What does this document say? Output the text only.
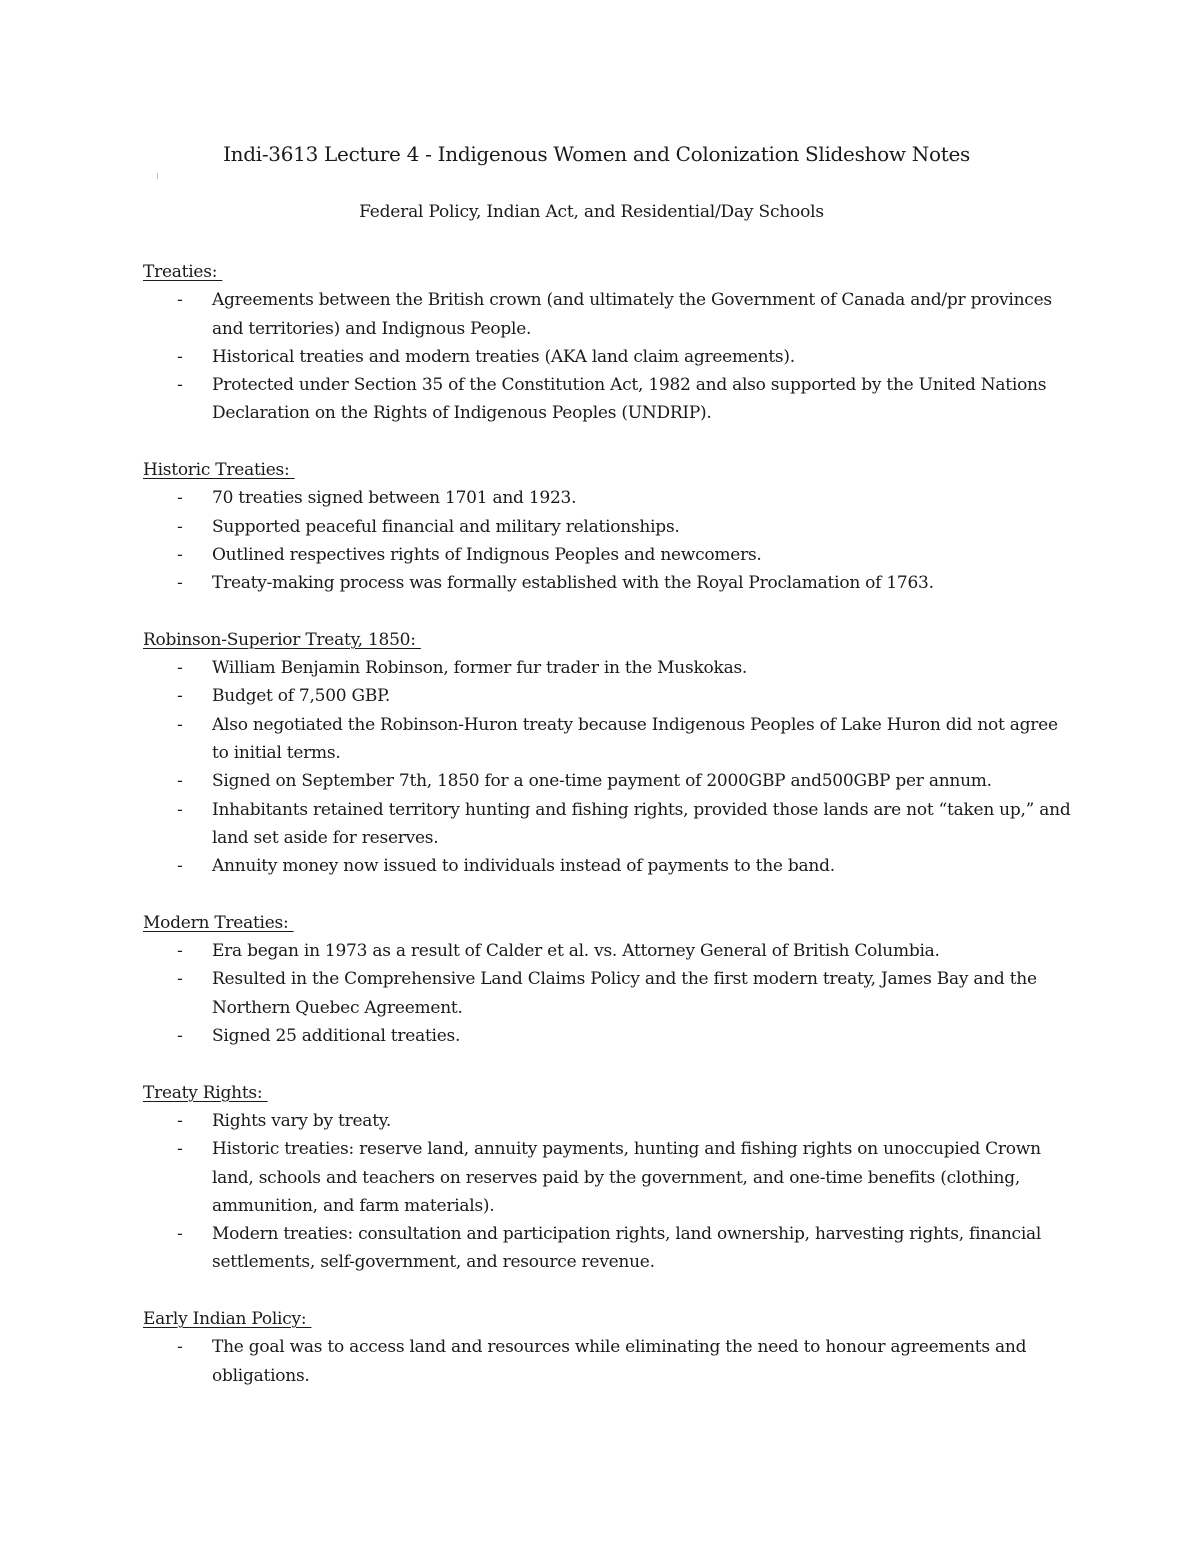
Indi-3613 Lecture 4 - Indigenous Women and Colonization Slideshow Notes

Federal Policy, Indian Act, and Residential/Day Schools

Treaties:

- Agreements between the British crown (and ultimately the Government of Canada and/pr provinces and territories) and Indignous People.
- Historical treaties and modern treaties (AKA land claim agreements).
- Protected under Section 35 of the Constitution Act, 1982 and also supported by the United Nations Declaration on the Rights of Indigenous Peoples (UNDRIP).

Historic Treaties:

- 70 treaties signed between 1701 and 1923.
- Supported peaceful financial and military relationships.
- Outlined respectives rights of Indignous Peoples and newcomers.
- Treaty-making process was formally established with the Royal Proclamation of 1763.

Robinson-Superior Treaty, 1850:

- William Benjamin Robinson, former fur trader in the Muskokas.
- Budget of 7,500 GBP.
- Also negotiated the Robinson-Huron treaty because Indigenous Peoples of Lake Huron did not agree to initial terms.
- Signed on September 7th, 1850 for a one-time payment of 2000GBP and500GBP per annum.
- Inhabitants retained territory hunting and fishing rights, provided those lands are not “taken up,” and land set aside for reserves.
- Annuity money now issued to individuals instead of payments to the band.

Modern Treaties:

- Era began in 1973 as a result of Calder et al. vs. Attorney General of British Columbia.
- Resulted in the Comprehensive Land Claims Policy and the first modern treaty, James Bay and the Northern Quebec Agreement.
- Signed 25 additional treaties.

Treaty Rights:

- Rights vary by treaty.
- Historic treaties: reserve land, annuity payments, hunting and fishing rights on unoccupied Crown land, schools and teachers on reserves paid by the government, and one-time benefits (clothing, ammunition, and farm materials).
- Modern treaties: consultation and participation rights, land ownership, harvesting rights, financial settlements, self-government, and resource revenue.

Early Indian Policy:

- The goal was to access land and resources while eliminating the need to honour agreements and obligations.
